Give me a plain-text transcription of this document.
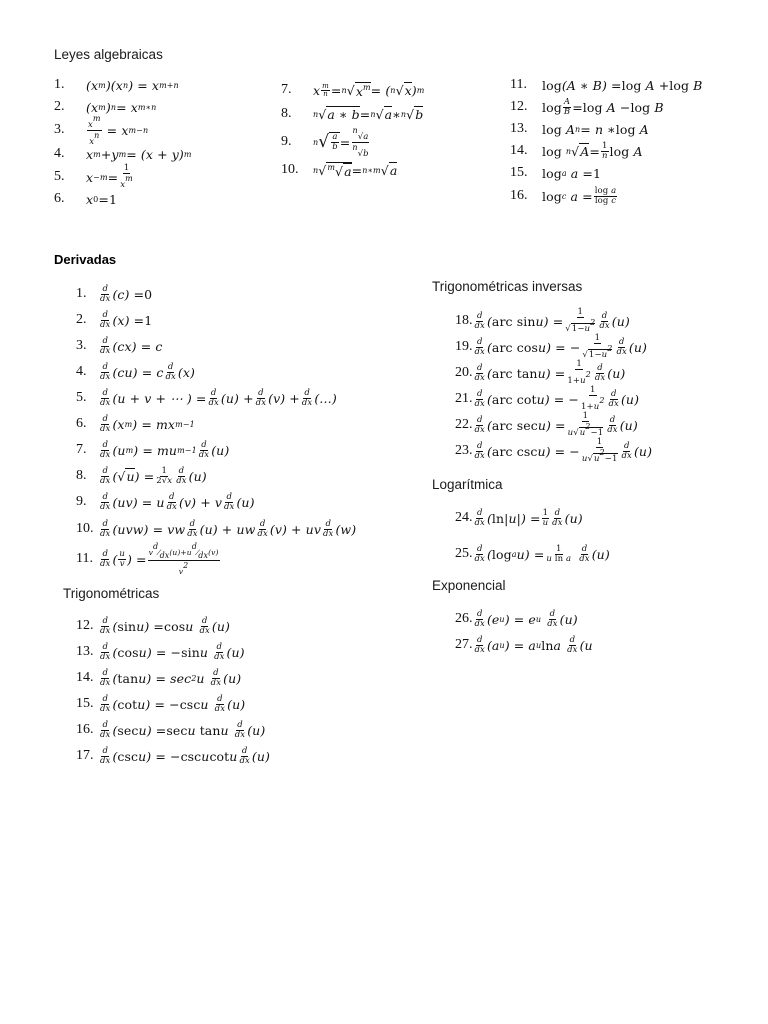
Leyes algebraicas
1.	(x m )(x n ) = x m+n
2.	(x m ) n = x m∗n
3.	$\frac{x^m}{x^n} = x$ m−n
4.	x m +y m = (x + y) m
5.	$x -m = \frac{1}{x^m}$
6.	x 0 = 1
7.	x $\frac{m}{n} = n$ √ $x^m$ = ( n √ x ) m
8.	n √ a ∗ b = n √ a ∗ n √ b
9.	n √ $\frac{a}{b} = \frac{^n√a}{^n√b}$
10.	n √ $^m$√a = n∗m √ a
11.	log (A ∗ B) = log A + log B
12.	$\log \frac{A}{B} = \log A - \log B$
13.	log A n = n ∗ log A
14.	log
n √ $A = \frac{1}{n}$ log A
15.	log a a = 1
16.	log c $a = \frac{\text{log a}}{\text{log c}}$
Derivadas
1.	$\frac{d}{dx} (c) = 0$
2.	$\frac{d}{dx} (x) = 1$
3.	$\frac{d}{dx} (cx) = c$
4.	$\frac{d}{dx} (cu) = c \frac{d}{dx} (x)$
5.	$\frac{d}{dx} (u + v$ + ⋯ ) = $\frac{d}{dx} (u) + \frac{d}{dx} (v) + \frac{d}{dx}$ (…)
6.	$\frac{d}{dx} (x$ m ) = mx m−1
7.	$\frac{d}{dx} (u$ m ) = mu $m-1 \frac{d}{dx} (u)$
8.	$\frac{d}{dx}$ (√ u ) = $\frac{1}{2√x} \frac{d}{dx} (u)$
9.	$\frac{d}{dx} (uv) = u \frac{d}{dx} (v) + v \frac{d}{dx} (u)$
10. $\frac{d}{dx} (uvw)$ = vw $\frac{d}{dx} (u)$ + uw $\frac{d}{dx} (v)$ + uv $\frac{d}{dx} (w)$
11. $\frac{d}{dx}$ ( $\frac{u}{v}$ ) = $\frac{v^d⁄_{dx}(u)+u^d⁄_{dx}(v)}{v^2}$
Trigonométricas
12. $\frac{d}{dx}$ ( sin u) = cos u $\frac{d}{dx} (u)$
13. $\frac{d}{dx}$ ( cos u) = − sin u $\frac{d}{dx} (u)$
14. $\frac{d}{dx}$ ( tan u) = sec 2 u $\frac{d}{dx} (u)$
15. $\frac{d}{dx}$ ( cot u) = − csc u $\frac{d}{dx} (u)$
16. $\frac{d}{dx}$ ( sec u) = sec u tan u $\frac{d}{dx} (u)$
17. $\frac{d}{dx}$ ( csc u) = − csc u cot u $\frac{d}{dx} (u)$
Trigonométricas inversas
18. $\frac{d}{dx}$ ( arc $\sin u) = \frac{1}{√1-u^2} \frac{d}{dx} (u)$
19. $\frac{d}{dx}$ ( arc cos u) = − $\frac{1}{√1-u^2} \frac{d}{dx} (u)$
20. $\frac{d}{dx}$ ( arc $\tan u) = \frac{1}{1+u^2} \frac{d}{dx} (u)$
21. $\frac{d}{dx}$ ( arc cot u) = − $\frac{1}{1+u^2} \frac{d}{dx} (u)$
22. $\frac{d}{dx}$ ( arc $\sec u) = \frac{1}{u√u^2-1} \frac{d}{dx} (u)$
23. $\frac{d}{dx}$ ( arc csc u) = − $\frac{1}{u√u^2-1} \frac{d}{dx} (u)$
Logarítmica
24. $\frac{d}{dx}$ ( $\ln |u|) = \frac{1}{u} \frac{d}{dx} (u)$
25. $\frac{d}{dx}$ ( log a $u) = \frac{1}{\text{u ln a}}$
$\frac{d}{dx} (u)$
Exponencial
26. $\frac{d}{dx} (e$ u ) = e u
$\frac{d}{dx} (u)$
27. $\frac{d}{dx} (a$ u ) = a u ln a $\frac{d}{dx} (u$
